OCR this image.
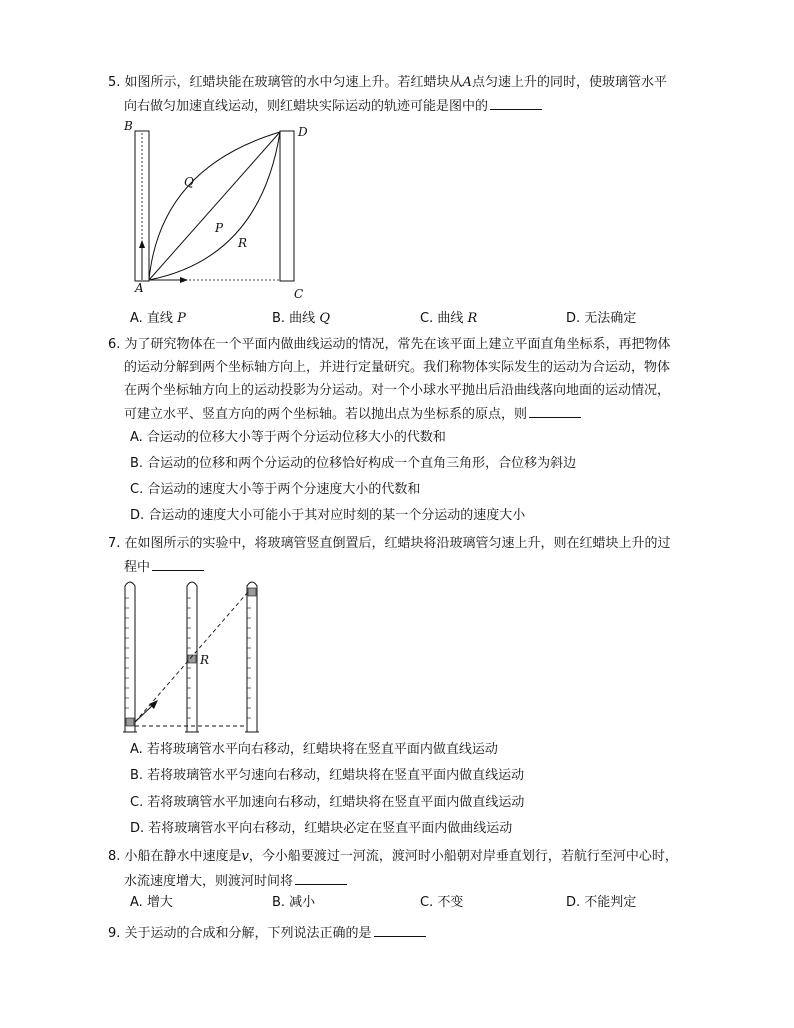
5. 如图所示，红蜡块能在玻璃管的水中匀速上升。若红蜡块从A点匀速上升的同时，使玻璃管水平
向右做匀加速直线运动，则红蜡块实际运动的轨迹可能是图中的
B	D
A	C
Q
P
R
A. 直线 P	B. 曲线 Q	C. 曲线 R	D. 无法确定
6. 为了研究物体在一个平面内做曲线运动的情况，常先在该平面上建立平面直角坐标系，再把物体
的运动分解到两个坐标轴方向上，并进行定量研究。我们称物体实际发生的运动为合运动，物体
在两个坐标轴方向上的运动投影为分运动。对一个小球水平抛出后沿曲线落向地面的运动情况，
可建立水平、竖直方向的两个坐标轴。若以抛出点为坐标系的原点，则
A. 合运动的位移大小等于两个分运动位移大小的代数和
B. 合运动的位移和两个分运动的位移恰好构成一个直角三角形，合位移为斜边
C. 合运动的速度大小等于两个分速度大小的代数和
D. 合运动的速度大小可能小于其对应时刻的某一个分运动的速度大小
7. 在如图所示的实验中，将玻璃管竖直倒置后，红蜡块将沿玻璃管匀速上升，则在红蜡块上升的过
程中
R
A. 若将玻璃管水平向右移动，红蜡块将在竖直平面内做直线运动
B. 若将玻璃管水平匀速向右移动，红蜡块将在竖直平面内做直线运动
C. 若将玻璃管水平加速向右移动，红蜡块将在竖直平面内做直线运动
D. 若将玻璃管水平向右移动，红蜡块必定在竖直平面内做曲线运动
8. 小船在静水中速度是v，今小船要渡过一河流，渡河时小船朝对岸垂直划行，若航行至河中心时，
水流速度增大，则渡河时间将
A. 增大	B. 减小	C. 不变	D. 不能判定
9. 关于运动的合成和分解，下列说法正确的是
